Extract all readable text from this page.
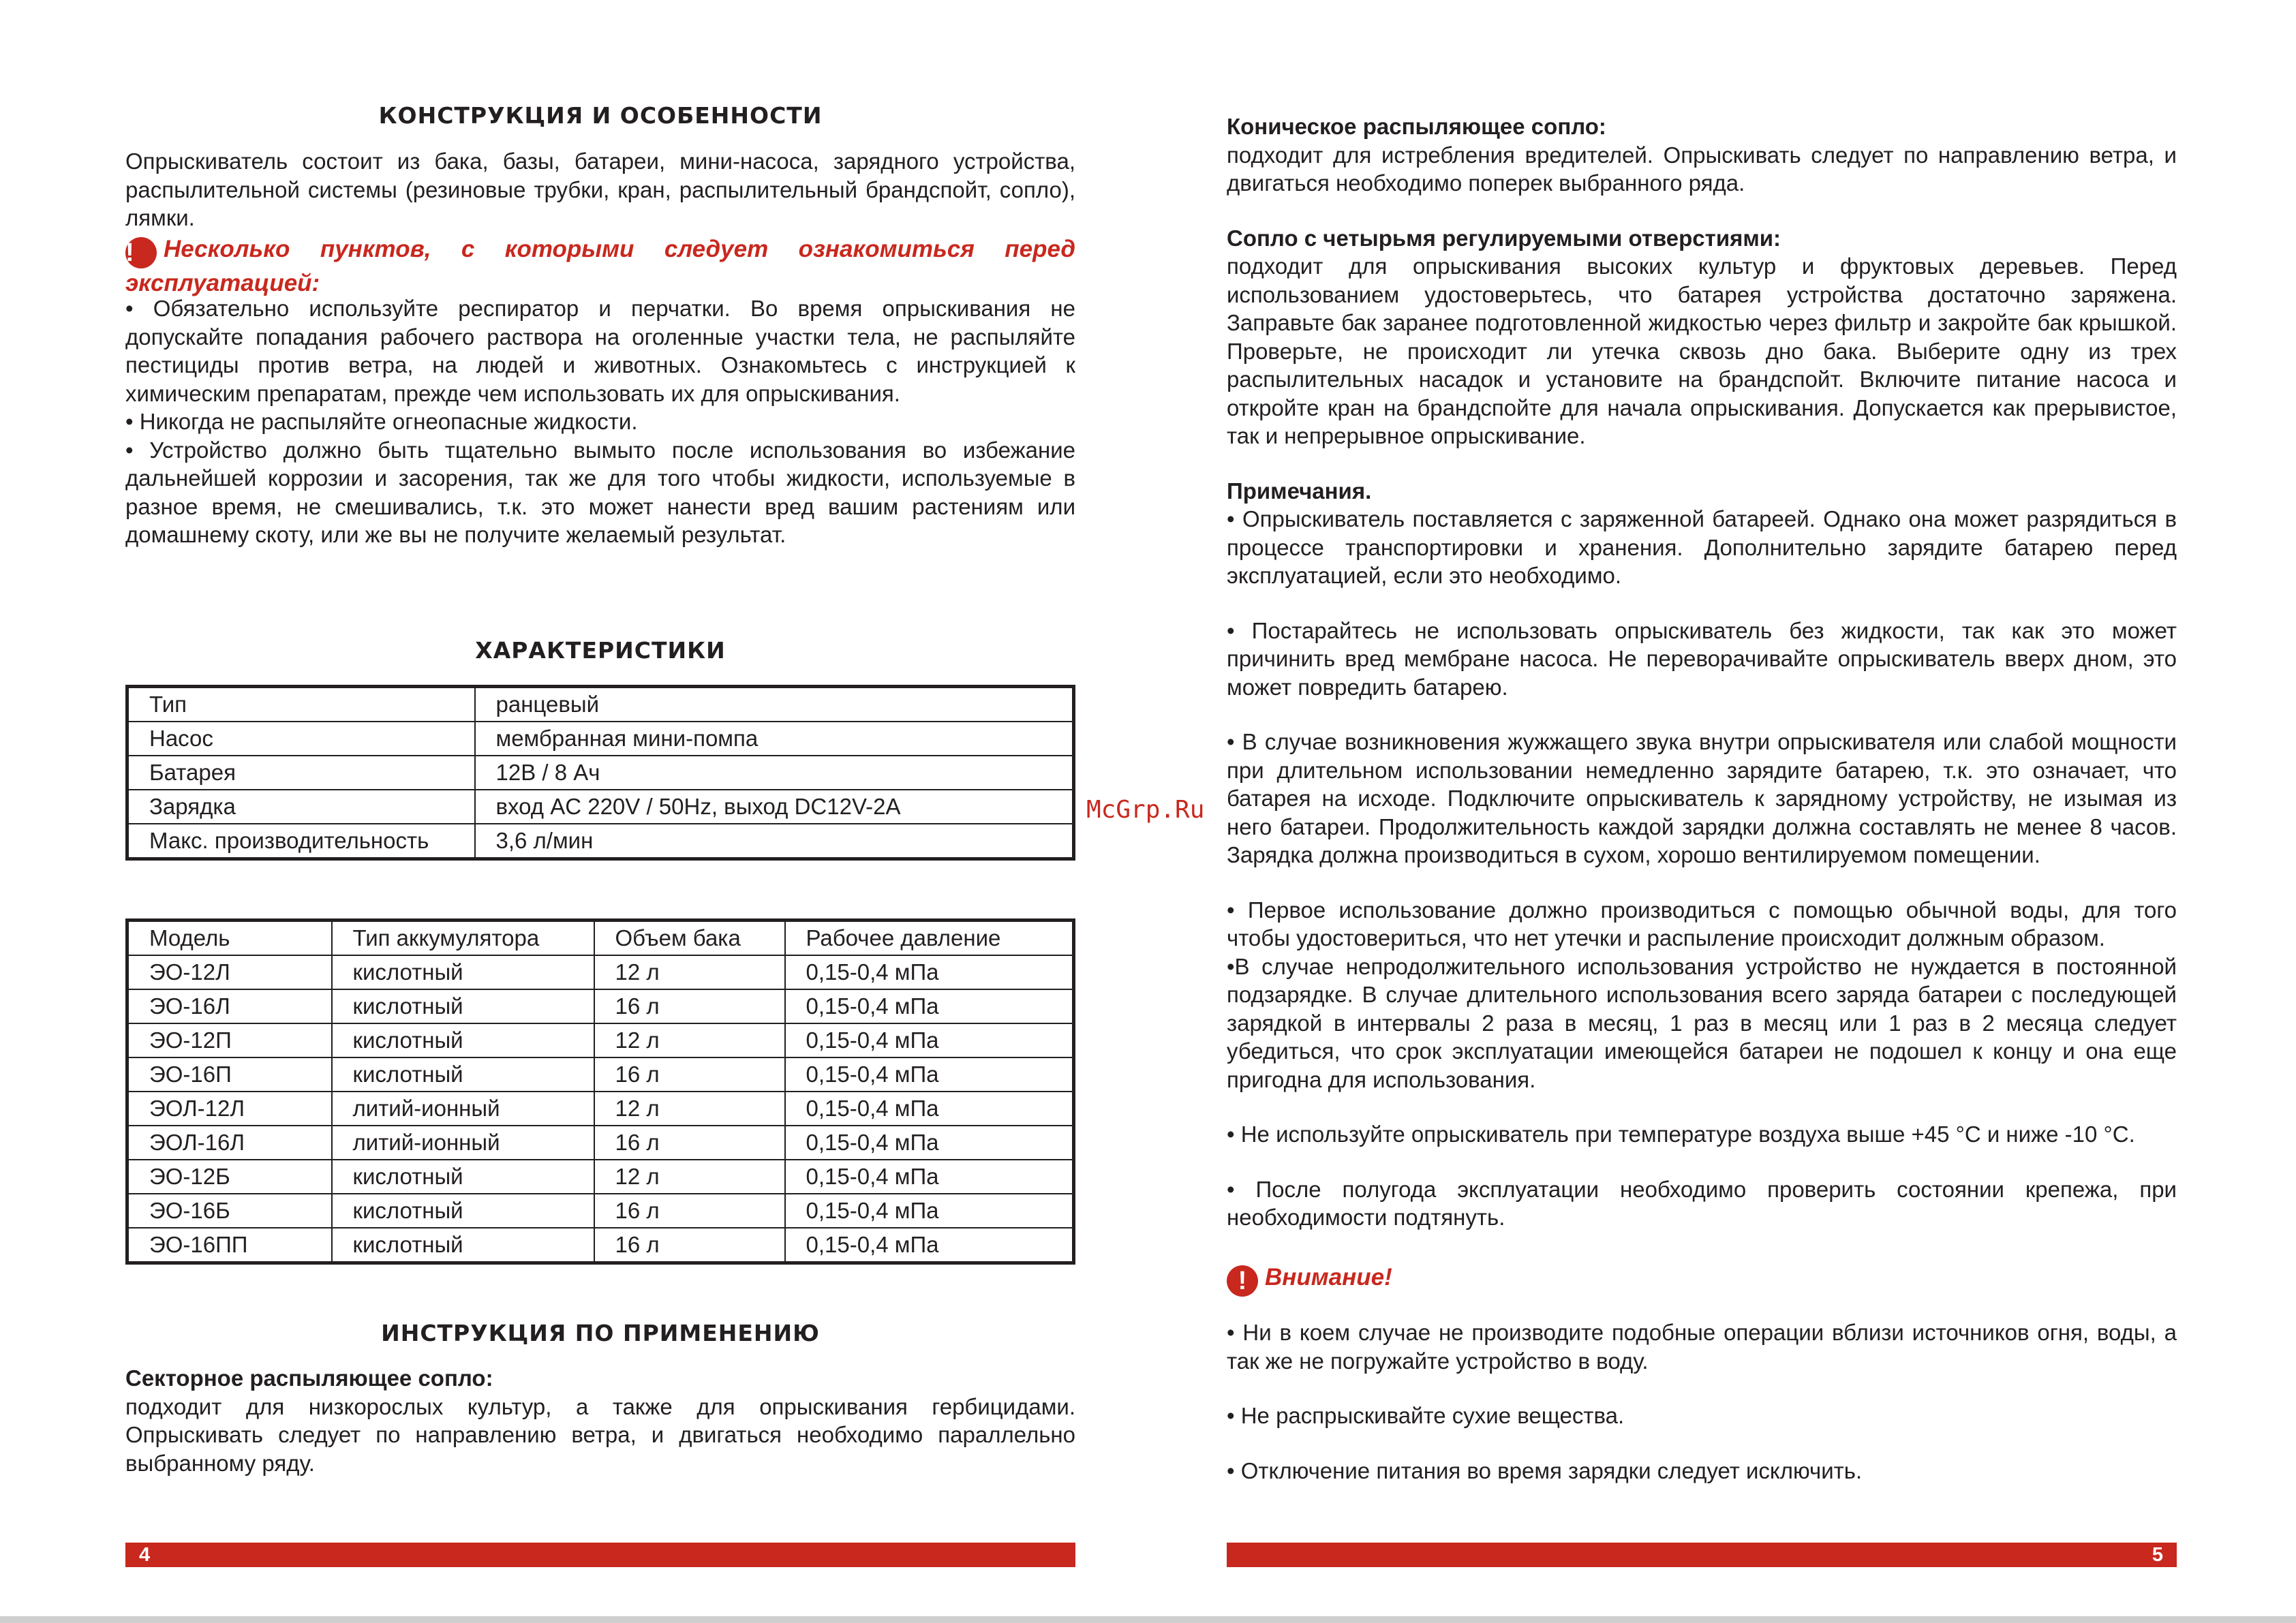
КОНСТРУКЦИЯ И ОСОБЕННОСТИ

Опрыскиватель состоит из бака, базы, батареи, мини-насоса, зарядного устройства, распылительной системы (резиновые трубки, кран, распылительный брандспойт, сопло), лямки.

! Несколько пунктов, с которыми следует ознакомиться перед эксплуатацией:

• Обязательно используйте респиратор и перчатки. Во время опрыскивания не допускайте попадания рабочего раствора на оголенные участки тела, не распыляйте пестициды против ветра, на людей и животных. Ознакомьтесь с инструкцией к химическим препаратам, прежде чем использовать их для опрыскивания.

• Никогда не распыляйте огнеопасные жидкости.

• Устройство должно быть тщательно вымыто после использования во избежание дальнейшей коррозии и засорения, так же для того чтобы жидкости, используемые в разное время, не смешивались, т.к. это может нанести вред вашим растениям или домашнему скоту, или же вы не получите желаемый результат.

ХАРАКТЕРИСТИКИ
Тип	ранцевый
Насос	мембранная мини-помпа
Батарея	12В / 8 Ач
Зарядка	вход AC 220V / 50Hz, выход DC12V-2A
Макс. производительность	3,6 л/мин
Модель	Тип аккумулятора	Объем бака	Рабочее давление
ЭО-12Л	кислотный	12 л	0,15-0,4 мПа
ЭО-16Л	кислотный	16 л	0,15-0,4 мПа
ЭО-12П	кислотный	12 л	0,15-0,4 мПа
ЭО-16П	кислотный	16 л	0,15-0,4 мПа
ЭОЛ-12Л	литий-ионный	12 л	0,15-0,4 мПа
ЭОЛ-16Л	литий-ионный	16 л	0,15-0,4 мПа
ЭО-12Б	кислотный	12 л	0,15-0,4 мПа
ЭО-16Б	кислотный	16 л	0,15-0,4 мПа
ЭО-16ПП	кислотный	16 л	0,15-0,4 мПа
ИНСТРУКЦИЯ ПО ПРИМЕНЕНИЮ

Секторное распыляющее сопло:

подходит для низкорослых культур, а также для опрыскивания гербицидами. Опрыскивать следует по направлению ветра, и двигаться необходимо параллельно выбранному ряду.

Коническое распыляющее сопло:

подходит для истребления вредителей. Опрыскивать следует по направлению ветра, и двигаться необходимо поперек выбранного ряда.

Сопло с четырьмя регулируемыми отверстиями:

подходит для опрыскивания высоких культур и фруктовых деревьев. Перед использованием удостоверьтесь, что батарея устройства достаточно заряжена. Заправьте бак заранее подготовленной жидкостью через фильтр и закройте бак крышкой. Проверьте, не происходит ли утечка сквозь дно бака. Выберите одну из трех распылительных насадок и установите на брандспойт. Включите питание насоса и откройте кран на брандспойте для начала опрыскивания. Допускается как прерывистое, так и непрерывное опрыскивание.

Примечания.

• Опрыскиватель поставляется с заряженной батареей. Однако она может разрядиться в процессе транспортировки и хранения. Дополнительно зарядите батарею перед эксплуатацией, если это необходимо.

• Постарайтесь не использовать опрыскиватель без жидкости, так как это может причинить вред мембране насоса. Не переворачивайте опрыскиватель вверх дном, это может повредить батарею.

• В случае возникновения жужжащего звука внутри опрыскивателя или слабой мощности при длительном использовании немедленно зарядите батарею, т.к. это означает, что батарея на исходе. Подключите опрыскиватель к зарядному устройству, не изымая из него батареи. Продолжительность каждой зарядки должна составлять не менее 8 часов. Зарядка должна производиться в сухом, хорошо вентилируемом помещении.

• Первое использование должно производиться с помощью обычной воды, для того чтобы удостовериться, что нет утечки и распыление происходит должным образом.

•В случае непродолжительного использования устройство не нуждается в постоянной подзарядке. В случае длительного использования всего заряда батареи с последующей зарядкой в интервалы 2 раза в месяц, 1 раз в месяц или 1 раз в 2 месяца следует убедиться, что срок эксплуатации имеющейся батареи не подошел к концу и она еще пригодна для использования.

• Не используйте опрыскиватель при температуре воздуха выше +45 °С и ниже -10 °С.

• После полугода эксплуатации необходимо проверить состоянии крепежа, при необходимости подтянуть.

! Внимание!

• Ни в коем случае не производите подобные операции вблизи источников огня, воды, а так же не погружайте устройство в воду.

• Не распрыскивайте сухие вещества.

• Отключение питания во время зарядки следует исключить.

McGrp.Ru
4	5
